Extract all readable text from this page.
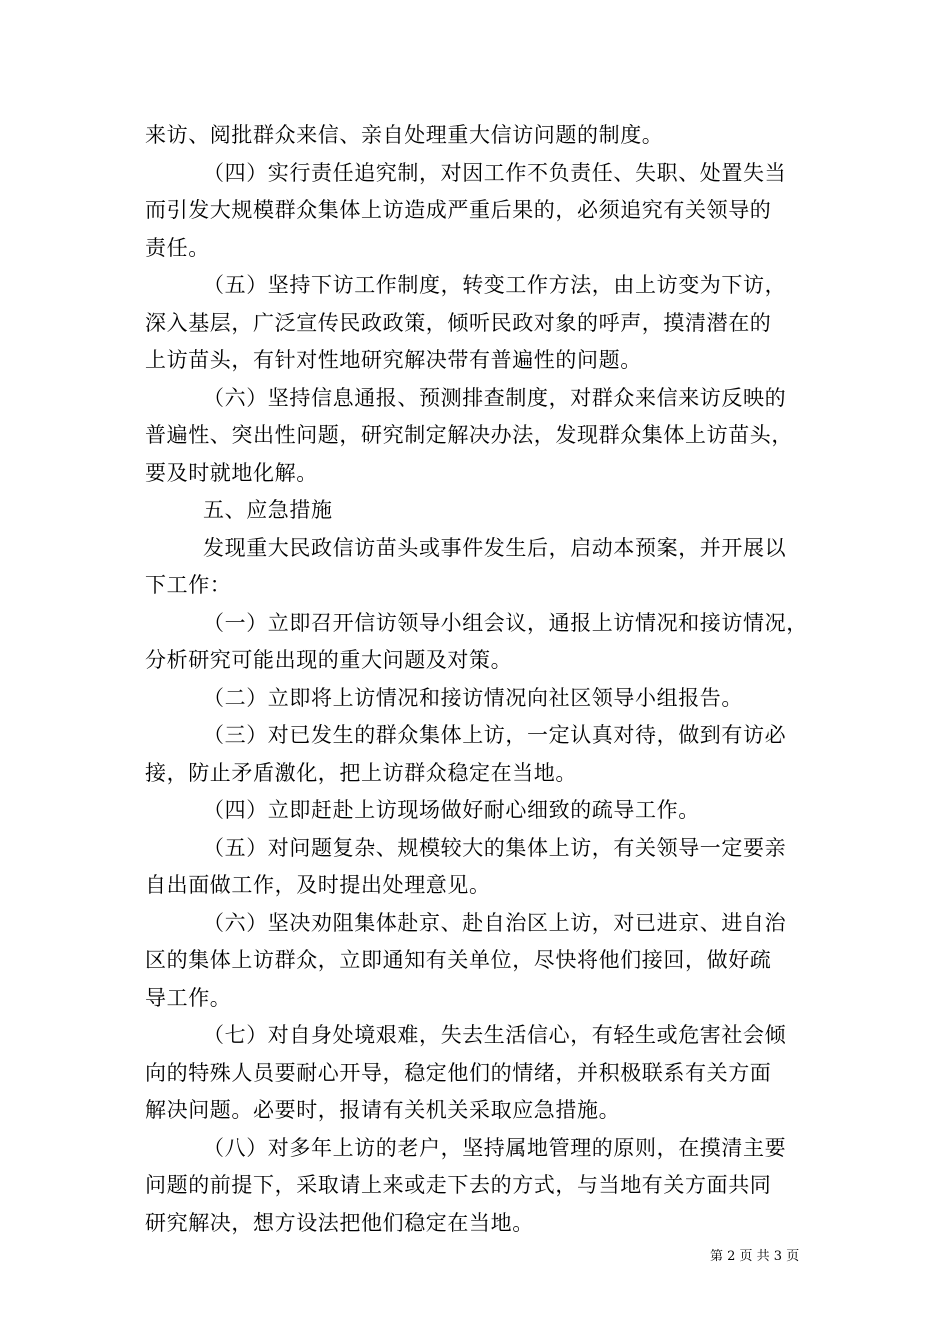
来访、阅批群众来信、亲自处理重大信访问题的制度。
（四）实行责任追究制，对因工作不负责任、失职、处置失当
而引发大规模群众集体上访造成严重后果的，必须追究有关领导的
责任。
（五）坚持下访工作制度，转变工作方法，由上访变为下访，
深入基层，广泛宣传民政政策，倾听民政对象的呼声，摸清潜在的
上访苗头，有针对性地研究解决带有普遍性的问题。
（六）坚持信息通报、预测排查制度，对群众来信来访反映的
普遍性、突出性问题，研究制定解决办法，发现群众集体上访苗头，
要及时就地化解。
五、应急措施
发现重大民政信访苗头或事件发生后，启动本预案，并开展以
下工作：
（一）立即召开信访领导小组会议，通报上访情况和接访情况，
分析研究可能出现的重大问题及对策。
（二）立即将上访情况和接访情况向社区领导小组报告。
（三）对已发生的群众集体上访，一定认真对待，做到有访必
接，防止矛盾激化，把上访群众稳定在当地。
（四）立即赶赴上访现场做好耐心细致的疏导工作。
（五）对问题复杂、规模较大的集体上访，有关领导一定要亲
自出面做工作，及时提出处理意见。
（六）坚决劝阻集体赴京、赴自治区上访，对已进京、进自治
区的集体上访群众，立即通知有关单位，尽快将他们接回，做好疏
导工作。
（七）对自身处境艰难，失去生活信心，有轻生或危害社会倾
向的特殊人员要耐心开导，稳定他们的情绪，并积极联系有关方面
解决问题。必要时，报请有关机关采取应急措施。
（八）对多年上访的老户，坚持属地管理的原则，在摸清主要
问题的前提下，采取请上来或走下去的方式，与当地有关方面共同
研究解决，想方设法把他们稳定在当地。
第 2 页 共 3 页
